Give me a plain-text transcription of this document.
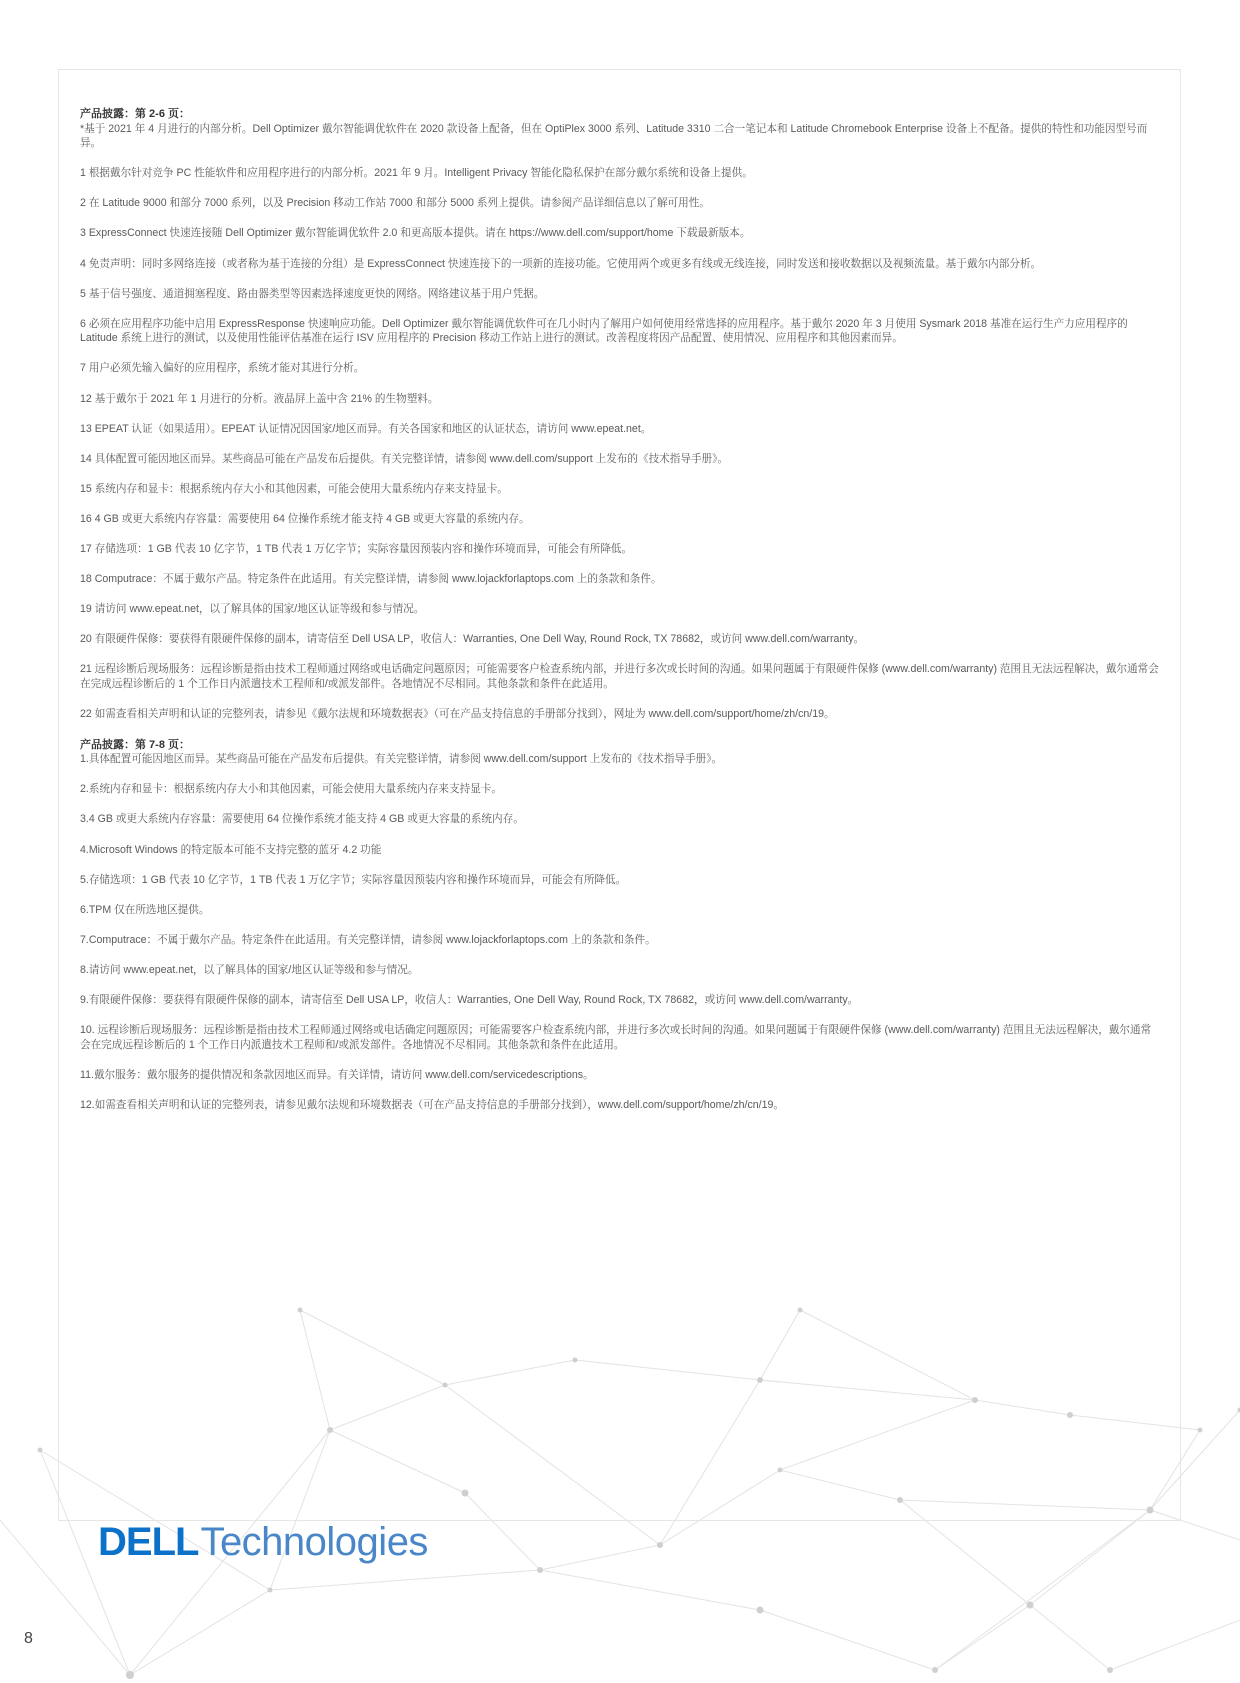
产品披露：第 2-6 页：

*基于 2021 年 4 月进行的内部分析。Dell Optimizer 戴尔智能调优软件在 2020 款设备上配备，但在 OptiPlex 3000 系列、Latitude 3310 二合一笔记本和 Latitude Chromebook Enterprise 设备上不配备。提供的特性和功能因型号而异。

1 根据戴尔针对竞争 PC 性能软件和应用程序进行的内部分析。2021 年 9 月。Intelligent Privacy 智能化隐私保护在部分戴尔系统和设备上提供。

2 在 Latitude 9000 和部分 7000 系列，以及 Precision 移动工作站 7000 和部分 5000 系列上提供。请参阅产品详细信息以了解可用性。

3 ExpressConnect 快速连接随 Dell Optimizer 戴尔智能调优软件 2.0 和更高版本提供。请在 https://www.dell.com/support/home 下载最新版本。

4 免责声明：同时多网络连接（或者称为基于连接的分组）是 ExpressConnect 快速连接下的一项新的连接功能。它使用两个或更多有线或无线连接，同时发送和接收数据以及视频流量。基于戴尔内部分析。

5 基于信号强度、通道拥塞程度、路由器类型等因素选择速度更快的网络。网络建议基于用户凭据。

6 必须在应用程序功能中启用 ExpressResponse 快速响应功能。Dell Optimizer 戴尔智能调优软件可在几小时内了解用户如何使用经常选择的应用程序。基于戴尔 2020 年 3 月使用 Sysmark 2018 基准在运行生产力应用程序的 Latitude 系统上进行的测试，以及使用性能评估基准在运行 ISV 应用程序的 Precision 移动工作站上进行的测试。改善程度将因产品配置、使用情况、应用程序和其他因素而异。

7 用户必须先输入偏好的应用程序，系统才能对其进行分析。

12 基于戴尔于 2021 年 1 月进行的分析。液晶屏上盖中含 21% 的生物塑料。

13 EPEAT 认证（如果适用）。EPEAT 认证情况因国家/地区而异。有关各国家和地区的认证状态，请访问 www.epeat.net。

14 具体配置可能因地区而异。某些商品可能在产品发布后提供。有关完整详情，请参阅 www.dell.com/support 上发布的《技术指导手册》。

15 系统内存和显卡：根据系统内存大小和其他因素，可能会使用大量系统内存来支持显卡。

16 4 GB 或更大系统内存容量：需要使用 64 位操作系统才能支持 4 GB 或更大容量的系统内存。

17 存储选项：1 GB 代表 10 亿字节，1 TB 代表 1 万亿字节；实际容量因预装内容和操作环境而异，可能会有所降低。

18 Computrace：不属于戴尔产品。特定条件在此适用。有关完整详情，请参阅 www.lojackforlaptops.com 上的条款和条件。

19 请访问 www.epeat.net，以了解具体的国家/地区认证等级和参与情况。

20 有限硬件保修：要获得有限硬件保修的副本，请寄信至 Dell USA LP，收信人：Warranties, One Dell Way, Round Rock, TX 78682，或访问 www.dell.com/warranty。

21 远程诊断后现场服务：远程诊断是指由技术工程师通过网络或电话确定问题原因；可能需要客户检查系统内部，并进行多次或长时间的沟通。如果问题属于有限硬件保修 (www.dell.com/warranty) 范围且无法远程解决，戴尔通常会在完成远程诊断后的 1 个工作日内派遣技术工程师和/或派发部件。各地情况不尽相同。其他条款和条件在此适用。

22 如需查看相关声明和认证的完整列表，请参见《戴尔法规和环境数据表》（可在产品支持信息的手册部分找到），网址为 www.dell.com/support/home/zh/cn/19。

产品披露：第 7-8 页：

1.具体配置可能因地区而异。某些商品可能在产品发布后提供。有关完整详情，请参阅 www.dell.com/support 上发布的《技术指导手册》。

2.系统内存和显卡：根据系统内存大小和其他因素，可能会使用大量系统内存来支持显卡。

3.4 GB 或更大系统内存容量：需要使用 64 位操作系统才能支持 4 GB 或更大容量的系统内存。

4.Microsoft Windows 的特定版本可能不支持完整的蓝牙 4.2 功能

5.存储选项：1 GB 代表 10 亿字节，1 TB 代表 1 万亿字节；实际容量因预装内容和操作环境而异，可能会有所降低。

6.TPM 仅在所选地区提供。

7.Computrace：不属于戴尔产品。特定条件在此适用。有关完整详情，请参阅 www.lojackforlaptops.com 上的条款和条件。

8.请访问 www.epeat.net，以了解具体的国家/地区认证等级和参与情况。

9.有限硬件保修：要获得有限硬件保修的副本，请寄信至 Dell USA LP，收信人：Warranties, One Dell Way, Round Rock, TX 78682，或访问 www.dell.com/warranty。

10. 远程诊断后现场服务：远程诊断是指由技术工程师通过网络或电话确定问题原因；可能需要客户检查系统内部，并进行多次或长时间的沟通。如果问题属于有限硬件保修 (www.dell.com/warranty) 范围且无法远程解决，戴尔通常会在完成远程诊断后的 1 个工作日内派遣技术工程师和/或派发部件。各地情况不尽相同。其他条款和条件在此适用。

11.戴尔服务：戴尔服务的提供情况和条款因地区而异。有关详情，请访问 www.dell.com/servicedescriptions。

12.如需查看相关声明和认证的完整列表，请参见戴尔法规和环境数据表（可在产品支持信息的手册部分找到），www.dell.com/support/home/zh/cn/19。

DELL Technologies
8
